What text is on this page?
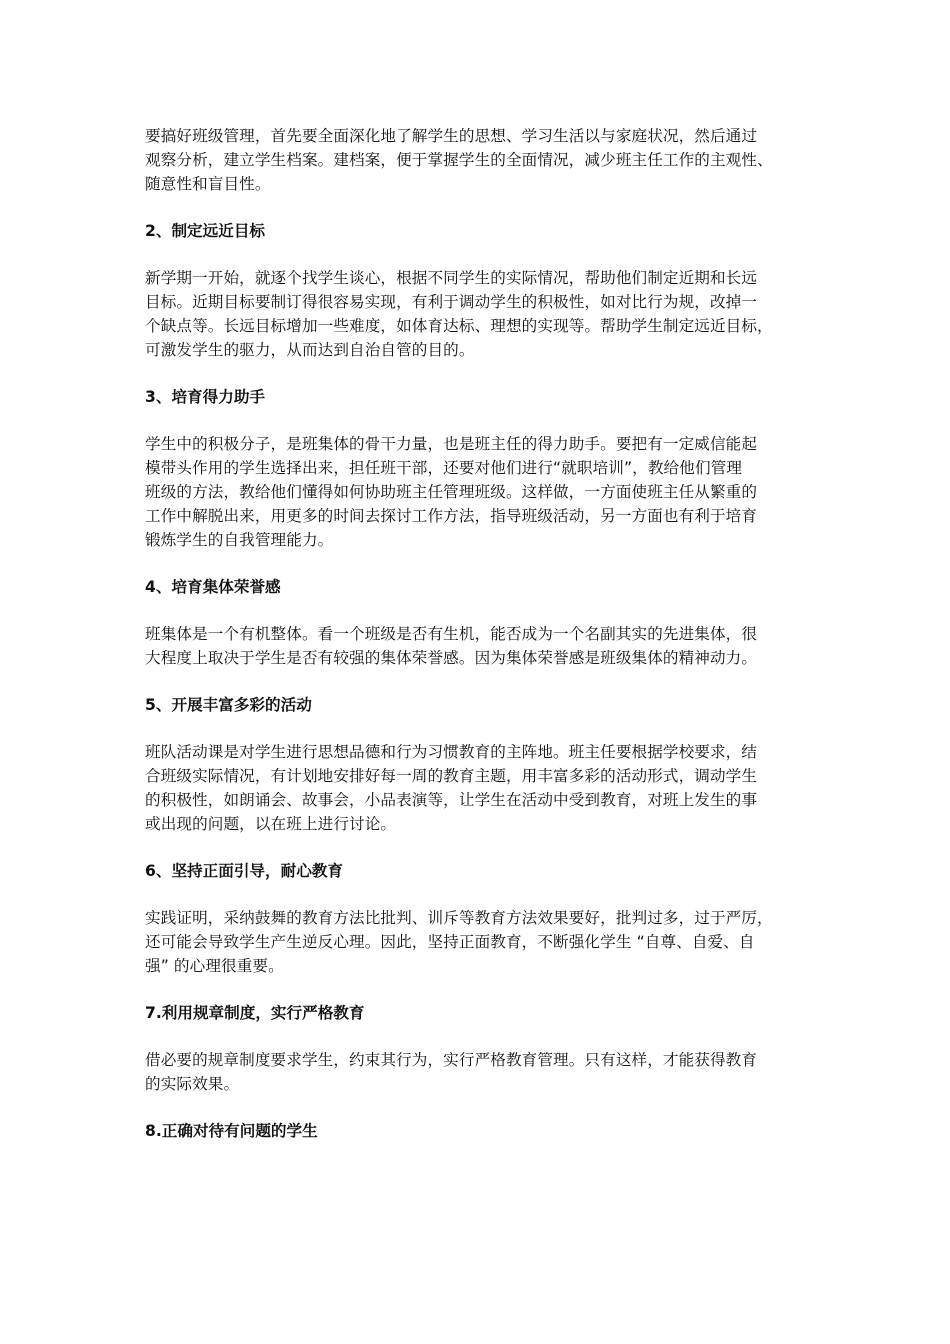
要搞好班级管理，首先要全面深化地了解学生的思想、学习生活以与家庭状况，然后通过
观察分析，建立学生档案。建档案，便于掌握学生的全面情况，减少班主任工作的主观性、
随意性和盲目性。

2、制定远近目标

新学期一开始，就逐个找学生谈心，根据不同学生的实际情况，帮助他们制定近期和长远
目标。近期目标要制订得很容易实现，有利于调动学生的积极性，如对比行为规，改掉一
个缺点等。长远目标增加一些难度，如体育达标、理想的实现等。帮助学生制定远近目标，
可激发学生的驱力，从而达到自治自管的目的。

3、培育得力助手

学生中的积极分子，是班集体的骨干力量，也是班主任的得力助手。要把有一定威信能起
模带头作用的学生选择出来，担任班干部，还要对他们进行“就职培训”，教给他们管理
班级的方法，教给他们懂得如何协助班主任管理班级。这样做，一方面使班主任从繁重的
工作中解脱出来，用更多的时间去探讨工作方法，指导班级活动，另一方面也有利于培育
锻炼学生的自我管理能力。

4、培育集体荣誉感

班集体是一个有机整体。看一个班级是否有生机，能否成为一个名副其实的先进集体，很
大程度上取决于学生是否有较强的集体荣誉感。因为集体荣誉感是班级集体的精神动力。

5、开展丰富多彩的活动

班队活动课是对学生进行思想品德和行为习惯教育的主阵地。班主任要根据学校要求，结
合班级实际情况，有计划地安排好每一周的教育主题，用丰富多彩的活动形式，调动学生
的积极性，如朗诵会、故事会，小品表演等，让学生在活动中受到教育，对班上发生的事
或出现的问题，以在班上进行讨论。

6、坚持正面引导，耐心教育

实践证明，采纳鼓舞的教育方法比批判、训斥等教育方法效果要好，批判过多，过于严厉，
还可能会导致学生产生逆反心理。因此，坚持正面教育，不断强化学生 “自尊、自爱、自
强” 的心理很重要。

7.利用规章制度，实行严格教育

借必要的规章制度要求学生，约束其行为，实行严格教育管理。只有这样，才能获得教育
的实际效果。

8.正确对待有问题的学生
